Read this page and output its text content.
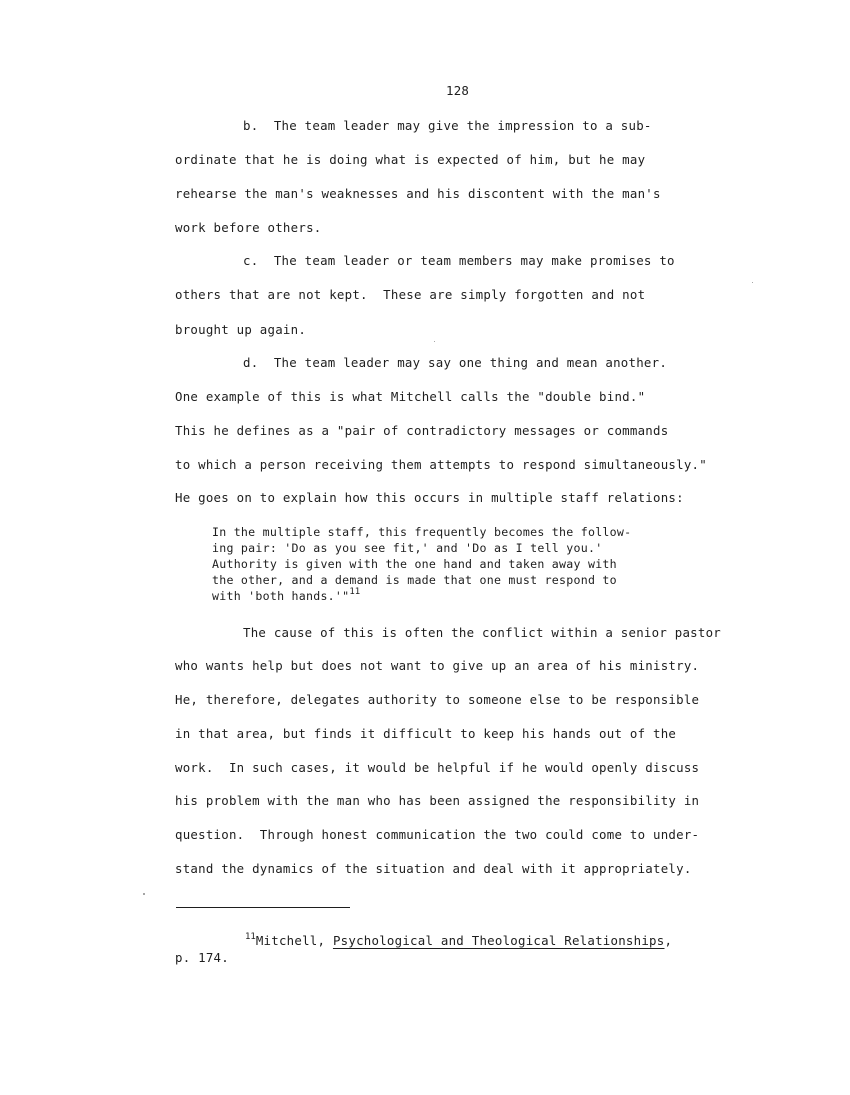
128
b.  The team leader may give the impression to a sub-
ordinate that he is doing what is expected of him, but he may
rehearse the man's weaknesses and his discontent with the man's
work before others.
c.  The team leader or team members may make promises to
others that are not kept.  These are simply forgotten and not
brought up again.
d.  The team leader may say one thing and mean another.
One example of this is what Mitchell calls the "double bind."
This he defines as a "pair of contradictory messages or commands
to which a person receiving them attempts to respond simultaneously."
He goes on to explain how this occurs in multiple staff relations:
In the multiple staff, this frequently becomes the follow-
ing pair: 'Do as you see fit,' and 'Do as I tell you.'
Authority is given with the one hand and taken away with
the other, and a demand is made that one must respond to
with 'both hands.'"$^{11}$
The cause of this is often the conflict within a senior pastor
who wants help but does not want to give up an area of his ministry.
He, therefore, delegates authority to someone else to be responsible
in that area, but finds it difficult to keep his hands out of the
work.  In such cases, it would be helpful if he would openly discuss
his problem with the man who has been assigned the responsibility in
question.  Through honest communication the two could come to under-
stand the dynamics of the situation and deal with it appropriately.
$^{11}$Mitchell, Psychological and Theological Relationships,
p. 174.
